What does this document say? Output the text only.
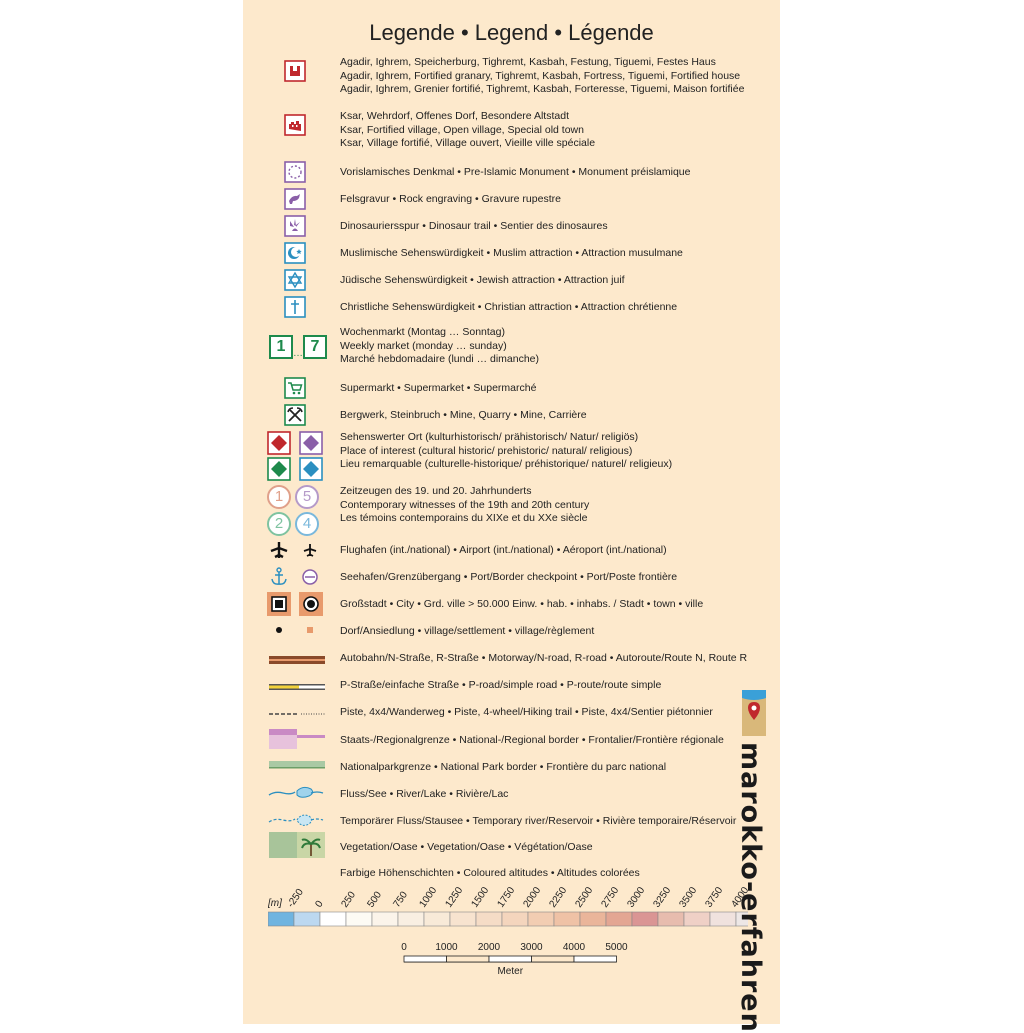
Legende • Legend • Légende
Agadir, Ighrem, Speicherburg, Tighremt, Kasbah, Festung, Tiguemi, Festes Haus
Agadir, Ighrem, Fortified granary, Tighremt, Kasbah, Fortress, Tiguemi, Fortified house
Agadir, Ighrem, Grenier fortifié, Tighremt, Kasbah, Forteresse, Tiguemi, Maison fortifiée
Ksar, Wehrdorf, Offenes Dorf, Besondere Altstadt
Ksar, Fortified village, Open village, Special old town
Ksar, Village fortifié, Village ouvert, Vieille ville spéciale
Vorislamisches Denkmal • Pre-Islamic Monument • Monument préislamique
Felsgravur • Rock engraving • Gravure rupestre
Dinosauriersspur • Dinosaur trail • Sentier des dinosaures
Muslimische Sehenswürdigkeit • Muslim attraction • Attraction musulmane
Jüdische Sehenswürdigkeit • Jewish attraction • Attraction juif
Christliche Sehenswürdigkeit • Christian attraction • Attraction chrétienne
1 … 7
Wochenmarkt (Montag … Sonntag)
Weekly market (monday … sunday)
Marché hebdomadaire (lundi … dimanche)
Supermarkt • Supermarket • Supermarché
Bergwerk, Steinbruch • Mine, Quarry • Mine, Carrière
Sehenswerter Ort (kulturhistorisch/ prähistorisch/ Natur/ religiös)
Place of interest (cultural historic/ prehistoric/ natural/ religious)
Lieu remarquable (culturelle-historique/ préhistorique/ naturel/ religieux)
1	5
2	4
Zeitzeugen des 19. und 20. Jahrhunderts
Contemporary witnesses of the 19th and 20th century
Les témoins contemporains du XIXe et du XXe siècle
Flughafen (int./national) • Airport (int./national) • Aéroport (int./national)
Seehafen/Grenzübergang • Port/Border checkpoint • Port/Poste frontière
Großstadt • City • Grd. ville > 50.000 Einw. • hab. • inhabs. / Stadt • town • ville
Dorf/Ansiedlung • village/settlement • village/règlement
Autobahn/N-Straße, R-Straße • Motorway/N-road, R-road • Autoroute/Route N, Route R
P-Straße/einfache Straße • P-road/simple road • P-route/route simple
Piste, 4x4/Wanderweg • Piste, 4-wheel/Hiking trail • Piste, 4x4/Sentier piétonnier
Staats-/Regionalgrenze • National-/Regional border • Frontalier/Frontière régionale
Nationalparkgrenze • National Park border • Frontière du parc national
Fluss/See • River/Lake • Rivière/Lac
Temporärer Fluss/Stausee • Temporary river/Reservoir • Rivière temporaire/Réservoir
Vegetation/Oase • Vegetation/Oase • Végétation/Oase
Farbige Höhenschichten • Coloured altitudes • Altitudes colorées
[m] -250 0 250 500 750 1000 1250 1500 1750 2000 2250 2500 2750 3000 3250 3500 3750 4000
0	1000 2000 3000 4000 5000
Meter	marokko-erfahren
